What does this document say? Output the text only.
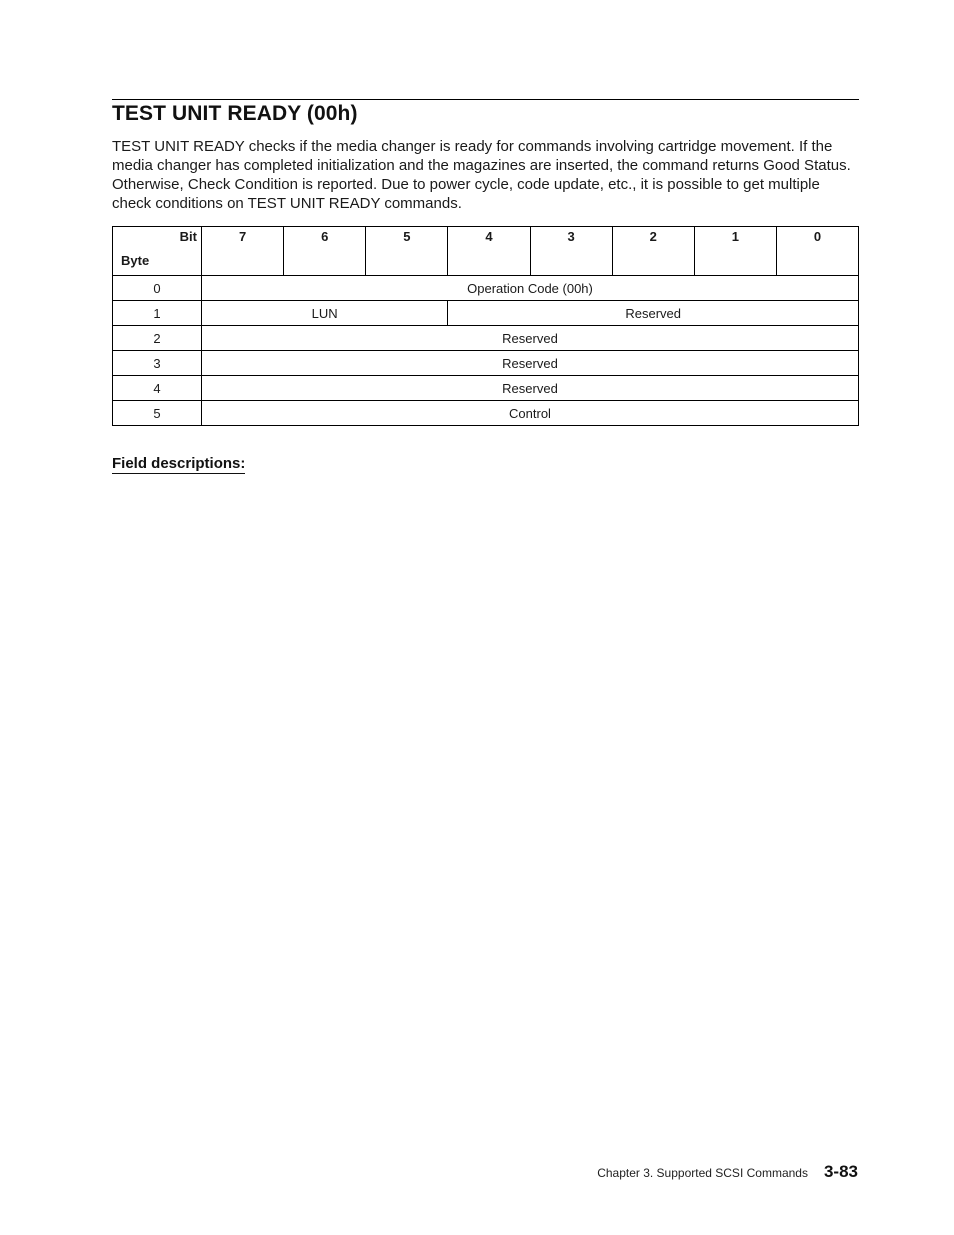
TEST UNIT READY (00h)

TEST UNIT READY checks if the media changer is ready for commands involving cartridge movement. If the media changer has completed initialization and the magazines are inserted, the command returns Good Status. Otherwise, Check Condition is reported. Due to power cycle, code update, etc., it is possible to get multiple check conditions on TEST UNIT READY commands.

Bit
Byte	7	6	5	4	3	2	1	0
0	Operation Code (00h)							
1	LUN			Reserved				
2	Reserved							
3	Reserved							
4	Reserved							
5	Control							

Field descriptions:

Chapter 3. Supported SCSI Commands 3-83
